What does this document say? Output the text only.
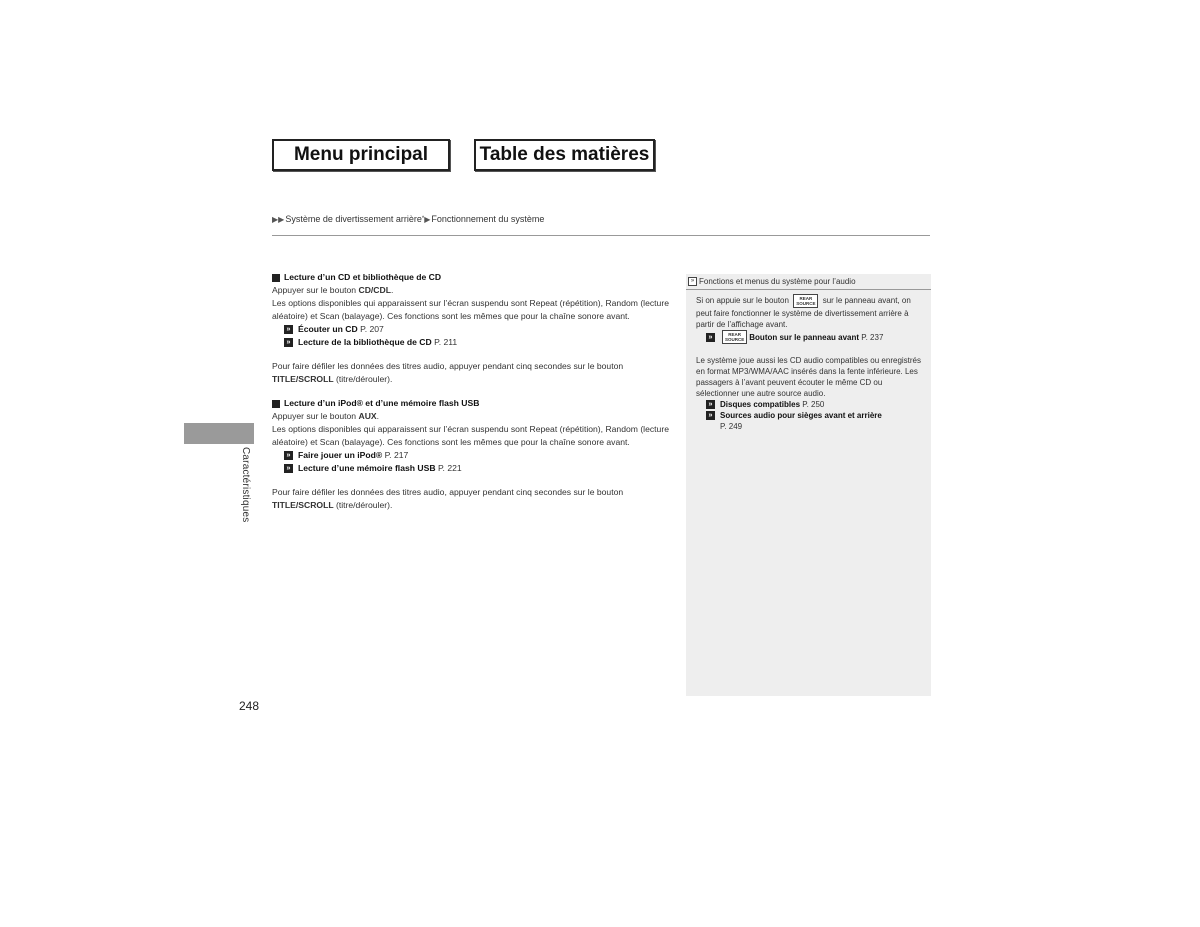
Menu principal	Table des matières
▶▶ Système de divertissement arrière * ▶ Fonctionnement du système
Caractéristiques
Lecture d’un CD et bibliothèque de CD

Appuyer sur le bouton CD/CDL.

Les options disponibles qui apparaissent sur l’écran suspendu sont Repeat (répétition), Random (lecture aléatoire) et Scan (balayage). Ces fonctions sont les mêmes que pour la chaîne sonore avant.

» Écouter un CD
P. 207
» Lecture de la bibliothèque de CD
P. 211

Pour faire défiler les données des titres audio, appuyer pendant cinq secondes sur le bouton
TITLE/SCROLL (titre/dérouler).

Lecture d’un iPod® et d’une mémoire flash USB

Appuyer sur le bouton AUX.

Les options disponibles qui apparaissent sur l’écran suspendu sont Repeat (répétition), Random (lecture aléatoire) et Scan (balayage). Ces fonctions sont les mêmes que pour la chaîne sonore avant.

» Faire jouer un iPod®
P. 217
» Lecture d’une mémoire flash USB
P. 221

Pour faire défiler les données des titres audio, appuyer pendant cinq secondes sur le bouton
TITLE/SCROLL (titre/dérouler).

» Fonctions et menus du système pour l’audio

Si on appuie sur le bouton REAR
SOURCE sur le panneau avant, on peut faire fonctionner le système de divertissement arrière à partir de l’affichage avant.

»	REAR
SOURCE Bouton sur le panneau avant
P. 237

Le système joue aussi les CD audio compatibles ou enregistrés en format MP3/WMA/AAC insérés dans la fente inférieure. Les passagers à l’avant peuvent écouter le même CD ou sélectionner une autre source audio.

» Disques compatibles
P. 250
» Sources audio pour sièges avant et arrière
P. 249
248
